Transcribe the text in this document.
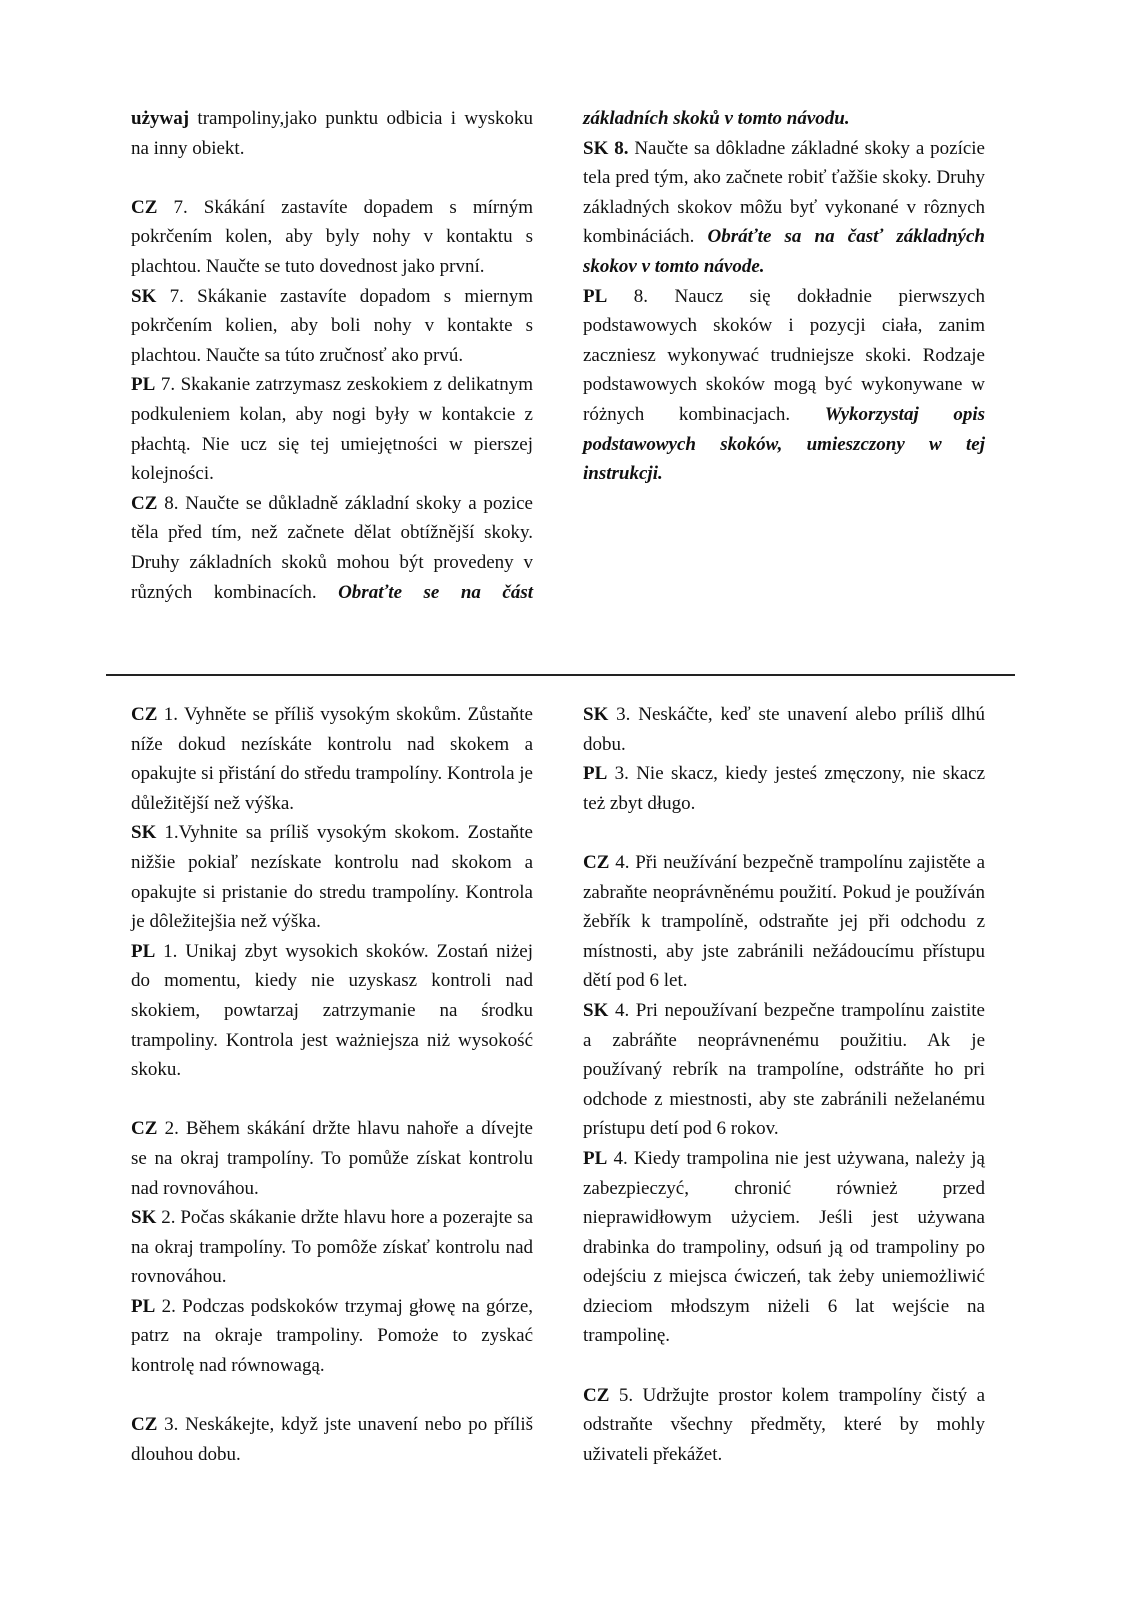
używaj trampoliny,jako punktu odbicia i wyskoku na inny obiekt.

CZ 7. Skákání zastavíte dopadem s mírným pokrčením kolen, aby byly nohy v kontaktu s plachtou. Naučte se tuto dovednost jako první.

SK 7. Skákanie zastavíte dopadom s miernym pokrčením kolien, aby boli nohy v kontakte s plachtou. Naučte sa túto zručnosť ako prvú.

PL 7. Skakanie zatrzymasz zeskokiem z delikatnym podkuleniem kolan, aby nogi były w kontakcie z płachtą. Nie ucz się tej umiejętności w pierszej kolejności.

CZ 8. Naučte se důkladně základní skoky a pozice těla před tím, než začnete dělat obtížnější skoky. Druhy základních skoků mohou být provedeny v různých kombinacích. Obraťte se na část

základních skoků v tomto návodu.

SK 8. Naučte sa dôkladne základné skoky a pozície tela pred tým, ako začnete robiť ťažšie skoky. Druhy základných skokov môžu byť vykonané v rôznych kombináciách. Obráťte sa na časť základných skokov v tomto návode.

PL 8. Naucz się dokładnie pierwszych podstawowych skoków i pozycji ciała, zanim zaczniesz wykonywać trudniejsze skoki. Rodzaje podstawowych skoków mogą być wykonywane w różnych kombinacjach. Wykorzystaj opis podstawowych skoków, umieszczony w tej instrukcji.

CZ 1. Vyhněte se příliš vysokým skokům. Zůstaňte níže dokud nezískáte kontrolu nad skokem a opakujte si přistání do středu trampolíny. Kontrola je důležitější než výška.

SK 1.Vyhnite sa príliš vysokým skokom. Zostaňte nižšie pokiaľ nezískate kontrolu nad skokom a opakujte si pristanie do stredu trampolíny. Kontrola je dôležitejšia než výška.

PL 1. Unikaj zbyt wysokich skoków. Zostań niżej do momentu, kiedy nie uzyskasz kontroli nad skokiem, powtarzaj zatrzymanie na środku trampoliny. Kontrola jest ważniejsza niż wysokość skoku.

CZ 2. Během skákání držte hlavu nahoře a dívejte se na okraj trampolíny. To pomůže získat kontrolu nad rovnováhou.

SK 2. Počas skákanie držte hlavu hore a pozerajte sa na okraj trampolíny. To pomôže získať kontrolu nad rovnováhou.

PL 2. Podczas podskoków trzymaj głowę na górze, patrz na okraje trampoliny. Pomoże to zyskać kontrolę nad równowagą.

CZ 3. Neskákejte, když jste unavení nebo po příliš dlouhou dobu.

SK 3. Neskáčte, keď ste unavení alebo príliš dlhú dobu.

PL 3. Nie skacz, kiedy jesteś zmęczony, nie skacz też zbyt długo.

CZ 4. Při neužívání bezpečně trampolínu zajistěte a zabraňte neoprávněnému použití. Pokud je používán žebřík k trampolíně, odstraňte jej při odchodu z místnosti, aby jste zabránili nežádoucímu přístupu dětí pod 6 let.

SK 4. Pri nepoužívaní bezpečne trampolínu zaistite a zabráňte neoprávnenému použitiu. Ak je používaný rebrík na trampolíne, odstráňte ho pri odchode z miestnosti, aby ste zabránili neželanému prístupu detí pod 6 rokov.

PL 4. Kiedy trampolina nie jest używana, należy ją zabezpieczyć, chronić również przed nieprawidłowym użyciem. Jeśli jest używana drabinka do trampoliny, odsuń ją od trampoliny po odejściu z miejsca ćwiczeń, tak żeby uniemożliwić dzieciom młodszym niżeli 6 lat wejście na trampolinę.

CZ 5. Udržujte prostor kolem trampolíny čistý a odstraňte všechny předměty, které by mohly uživateli překážet.
